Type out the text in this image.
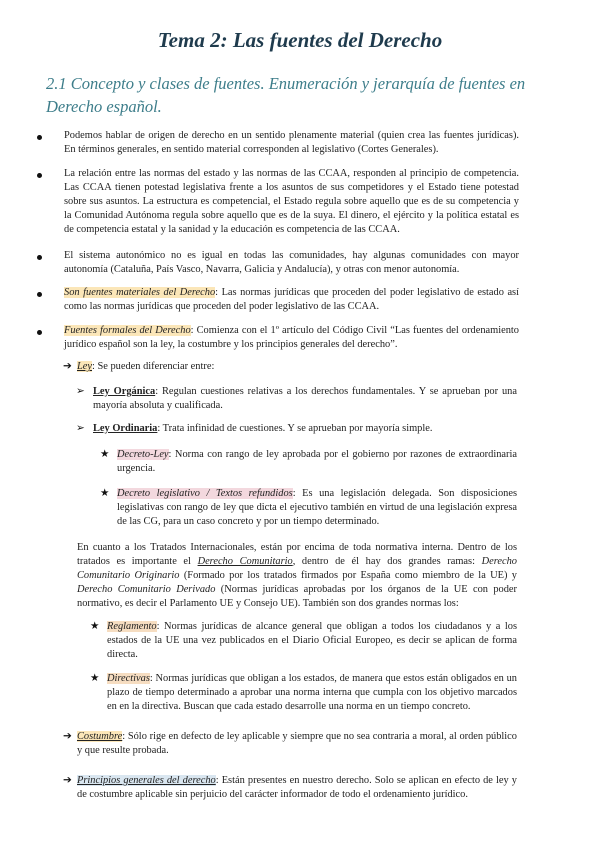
Tema 2: Las fuentes del Derecho
2.1 Concepto y clases de fuentes. Enumeración y jerarquía de fuentes en Derecho español.
Podemos hablar de origen de derecho en un sentido plenamente material (quien crea las fuentes jurídicas). En términos generales, en sentido material corresponden al legislativo (Cortes Generales).
La relación entre las normas del estado y las normas de las CCAA, responden al principio de competencia. Las CCAA tienen potestad legislativa frente a los asuntos de sus competidores y el Estado tiene potestad sobre sus asuntos. La estructura es competencial, el Estado regula sobre aquello que es de su competencia y la Comunidad Autónoma regula sobre aquello que es de la suya. El dinero, el ejército y la política estatal es de competencia estatal y la sanidad y la educación es competencia de las CCAA.
El sistema autonómico no es igual en todas las comunidades, hay algunas comunidades con mayor autonomía (Cataluña, País Vasco, Navarra, Galicia y Andalucía), y otras con menor autonomía.
Son fuentes materiales del Derecho: Las normas jurídicas que proceden del poder legislativo de estado así como las normas jurídicas que proceden del poder legislativo de las CCAA.
Fuentes formales del Derecho: Comienza con el 1º artículo del Código Civil “Las fuentes del ordenamiento jurídico español son la ley, la costumbre y los principios generales del derecho”.
➔ Ley: Se pueden diferenciar entre:
➢ Ley Orgánica: Regulan cuestiones relativas a los derechos fundamentales. Y se aprueban por una mayoría absoluta y cualificada.
➢ Ley Ordinaria: Trata infinidad de cuestiones. Y se aprueban por mayoría simple.
★ Decreto-Ley: Norma con rango de ley aprobada por el gobierno por razones de extraordinaria urgencia.
★ Decreto legislativo / Textos refundidos: Es una legislación delegada. Son disposiciones legislativas con rango de ley que dicta el ejecutivo también en virtud de una legislación expresa de las CG, para un caso concreto y por un tiempo determinado.
En cuanto a los Tratados Internacionales, están por encima de toda normativa interna. Dentro de los tratados es importante el Derecho Comunitario, dentro de él hay dos grandes ramas: Derecho Comunitario Originario (Formado por los tratados firmados por España como miembro de la UE) y Derecho Comunitario Derivado (Normas jurídicas aprobadas por los órganos de la UE con poder normativo, es decir el Parlamento UE y Consejo UE). También son dos grandes normas los:
★ Reglamento: Normas jurídicas de alcance general que obligan a todos los ciudadanos y a los estados de la UE una vez publicados en el Diario Oficial Europeo, es decir se aplican de forma directa.
★ Directivas: Normas jurídicas que obligan a los estados, de manera que estos están obligados en un plazo de tiempo determinado a aprobar una norma interna que cumpla con los objetivo marcados en en la directiva. Buscan que cada estado desarrolle una norma en un tiempo concreto.
➔ Costumbre: Sólo rige en defecto de ley aplicable y siempre que no sea contraria a moral, al orden público y que resulte probada.
➔ Principios generales del derecho: Están presentes en nuestro derecho. Solo se aplican en efecto de ley y de costumbre aplicable sin perjuicio del carácter informador de todo el ordenamiento jurídico.
